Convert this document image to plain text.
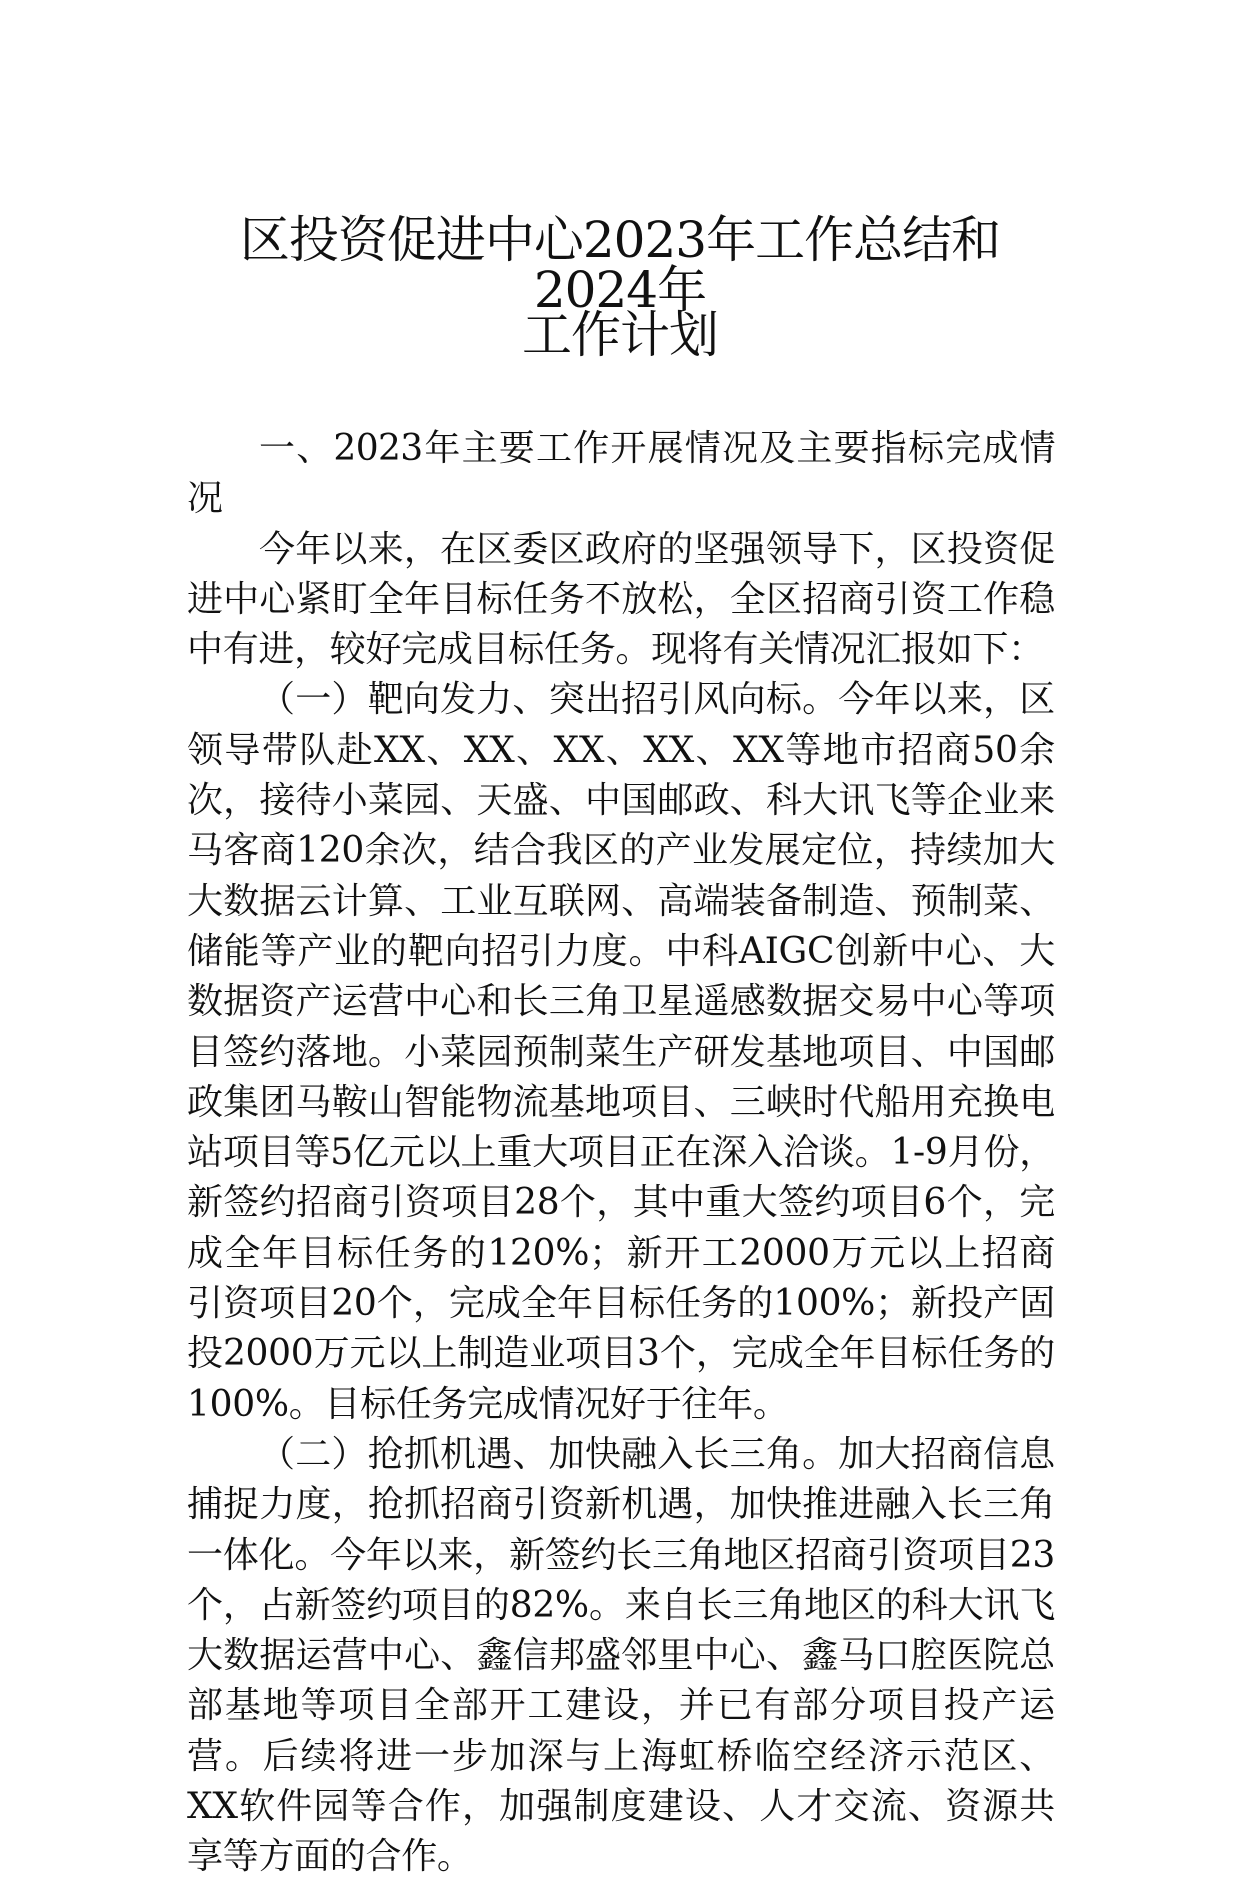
区投资促进中心2023年工作总结和2024年
工作计划

一、2023年主要工作开展情况及主要指标完成情况

今年以来，在区委区政府的坚强领导下，区投资促进中心紧盯全年目标任务不放松，全区招商引资工作稳中有进，较好完成目标任务。现将有关情况汇报如下：

（一）靶向发力、突出招引风向标。今年以来，区领导带队赴XX、XX、XX、XX、XX等地市招商50余次，接待小菜园、天盛、中国邮政、科大讯飞等企业来马客商120余次，结合我区的产业发展定位，持续加大大数据云计算、工业互联网、高端装备制造、预制菜、储能等产业的靶向招引力度。中科AIGC创新中心、大数据资产运营中心和长三角卫星遥感数据交易中心等项目签约落地。小菜园预制菜生产研发基地项目、中国邮政集团马鞍山智能物流基地项目、三峡时代船用充换电站项目等5亿元以上重大项目正在深入洽谈。1-9月份，新签约招商引资项目28个，其中重大签约项目6个，完成全年目标任务的120%；新开工2000万元以上招商引资项目20个，完成全年目标任务的100%；新投产固投2000万元以上制造业项目3个，完成全年目标任务的100%。目标任务完成情况好于往年。

（二）抢抓机遇、加快融入长三角。加大招商信息捕捉力度，抢抓招商引资新机遇，加快推进融入长三角一体化。今年以来，新签约长三角地区招商引资项目23个，占新签约项目的82%。来自长三角地区的科大讯飞大数据运营中心、鑫信邦盛邻里中心、鑫马口腔医院总部基地等项目全部开工建设，并已有部分项目投产运营。后续将进一步加深与上海虹桥临空经济示范区、XX软件园等合作，加强制度建设、人才交流、资源共享等方面的合作。
